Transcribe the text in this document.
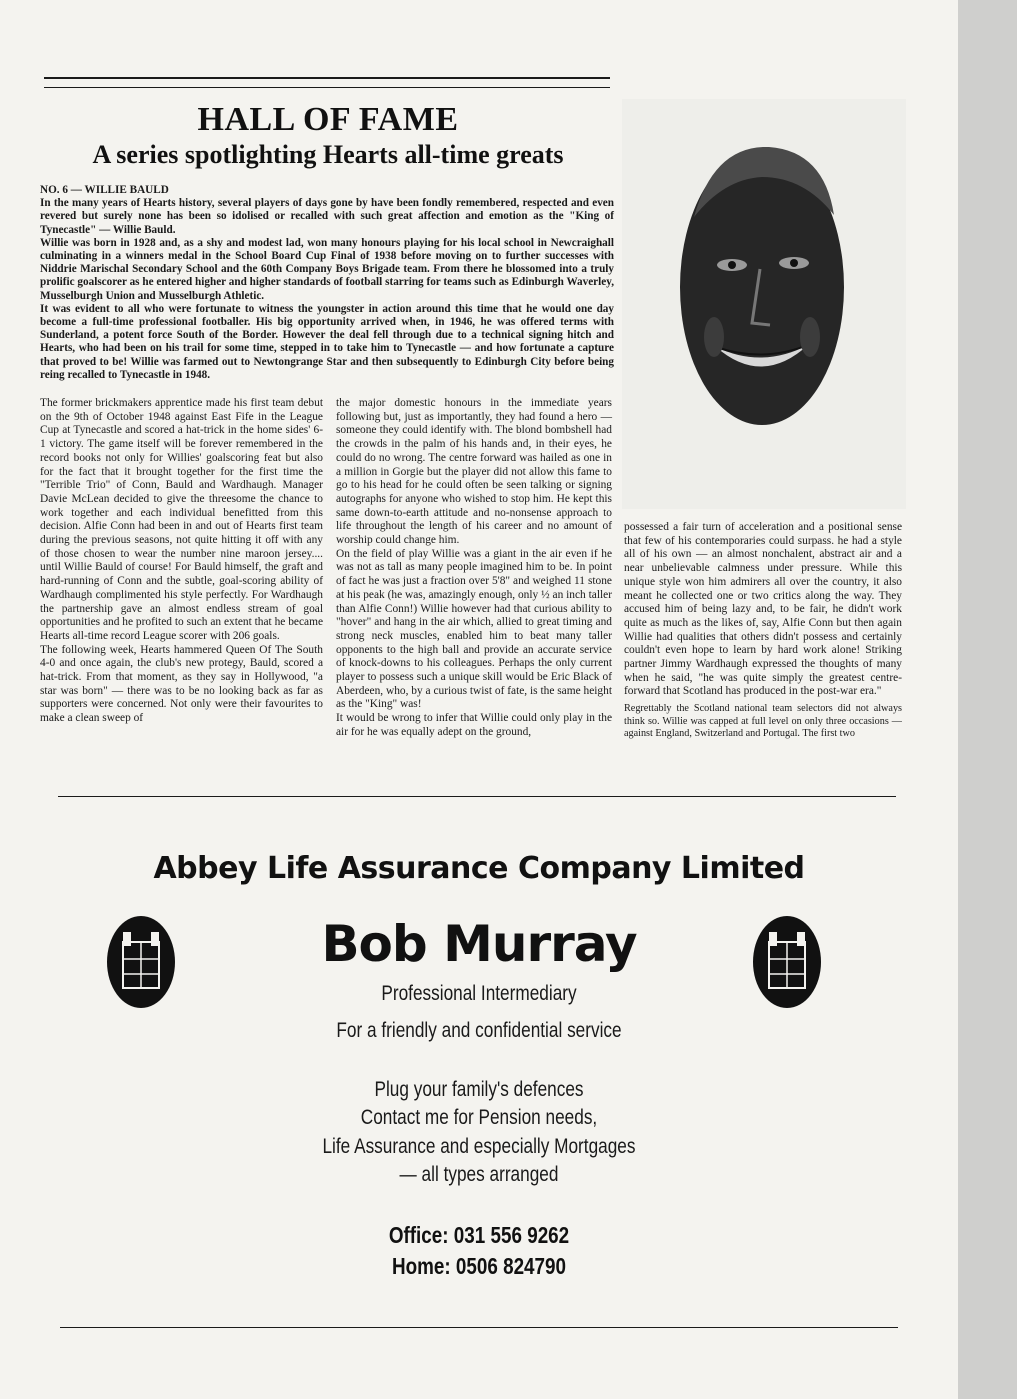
HALL OF FAME
A series spotlighting Hearts all-time greats

NO. 6 — WILLIE BAULD

In the many years of Hearts history, several players of days gone by have been fondly remembered, respected and even revered but surely none has been so idolised or recalled with such great affection and emotion as the "King of Tynecastle" — Willie Bauld.

Willie was born in 1928 and, as a shy and modest lad, won many honours playing for his local school in Newcraighall culminating in a winners medal in the School Board Cup Final of 1938 before moving on to further successes with Niddrie Marischal Secondary School and the 60th Company Boys Brigade team. From there he blossomed into a truly prolific goalscorer as he entered higher and higher standards of football starring for teams such as Edinburgh Waverley, Musselburgh Union and Musselburgh Athletic.

It was evident to all who were fortunate to witness the youngster in action around this time that he would one day become a full-time professional footballer. His big opportunity arrived when, in 1946, he was offered terms with Sunderland, a potent force South of the Border. However the deal fell through due to a technical signing hitch and Hearts, who had been on his trail for some time, stepped in to take him to Tynecastle — and how fortunate a capture that proved to be! Willie was farmed out to Newtongrange Star and then subsequently to Edinburgh City before being reing recalled to Tynecastle in 1948.

The former brickmakers apprentice made his first team debut on the 9th of October 1948 against East Fife in the League Cup at Tynecastle and scored a hat-trick in the home sides' 6-1 victory. The game itself will be forever remembered in the record books not only for Willies' goalscoring feat but also for the fact that it brought together for the first time the "Terrible Trio" of Conn, Bauld and Wardhaugh. Manager Davie McLean decided to give the threesome the chance to work together and each individual benefitted from this decision. Alfie Conn had been in and out of Hearts first team during the previous seasons, not quite hitting it off with any of those chosen to wear the number nine maroon jersey.... until Willie Bauld of course! For Bauld himself, the graft and hard-running of Conn and the subtle, goal-scoring ability of Wardhaugh complimented his style perfectly. For Wardhaugh the partnership gave an almost endless stream of goal opportunities and he profited to such an extent that he became Hearts all-time record League scorer with 206 goals.

The following week, Hearts hammered Queen Of The South 4-0 and once again, the club's new protegy, Bauld, scored a hat-trick. From that moment, as they say in Hollywood, "a star was born" — there was to be no looking back as far as supporters were concerned. Not only were their favourites to make a clean sweep of

the major domestic honours in the immediate years following but, just as importantly, they had found a hero — someone they could identify with. The blond bombshell had the crowds in the palm of his hands and, in their eyes, he could do no wrong. The centre forward was hailed as one in a million in Gorgie but the player did not allow this fame to go to his head for he could often be seen talking or signing autographs for anyone who wished to stop him. He kept this same down-to-earth attitude and no-nonsense approach to life throughout the length of his career and no amount of worship could change him.

On the field of play Willie was a giant in the air even if he was not as tall as many people imagined him to be. In point of fact he was just a fraction over 5'8" and weighed 11 stone at his peak (he was, amazingly enough, only ½ an inch taller than Alfie Conn!) Willie however had that curious ability to "hover" and hang in the air which, allied to great timing and strong neck muscles, enabled him to beat many taller opponents to the high ball and provide an accurate service of knock-downs to his colleagues. Perhaps the only current player to possess such a unique skill would be Eric Black of Aberdeen, who, by a curious twist of fate, is the same height as the "King" was!

It would be wrong to infer that Willie could only play in the air for he was equally adept on the ground,

possessed a fair turn of acceleration and a positional sense that few of his contemporaries could surpass. he had a style all of his own — an almost nonchalent, abstract air and a near unbelievable calmness under pressure. While this unique style won him admirers all over the country, it also meant he collected one or two critics along the way. They accused him of being lazy and, to be fair, he didn't work quite as much as the likes of, say, Alfie Conn but then again Willie had qualities that others didn't possess and certainly couldn't even hope to learn by hard work alone! Striking partner Jimmy Wardhaugh expressed the thoughts of many when he said, "he was quite simply the greatest centre-forward that Scotland has produced in the post-war era."

Regrettably the Scotland national team selectors did not always think so. Willie was capped at full level on only three occasions — against England, Switzerland and Portugal. The first two

Abbey Life Assurance Company Limited
Bob Murray
Professional Intermediary
For a friendly and confidential service
Plug your family's defences
Contact me for Pension needs,
Life Assurance and especially Mortgages
— all types arranged
Office: 031 556 9262
Home: 0506 824790
